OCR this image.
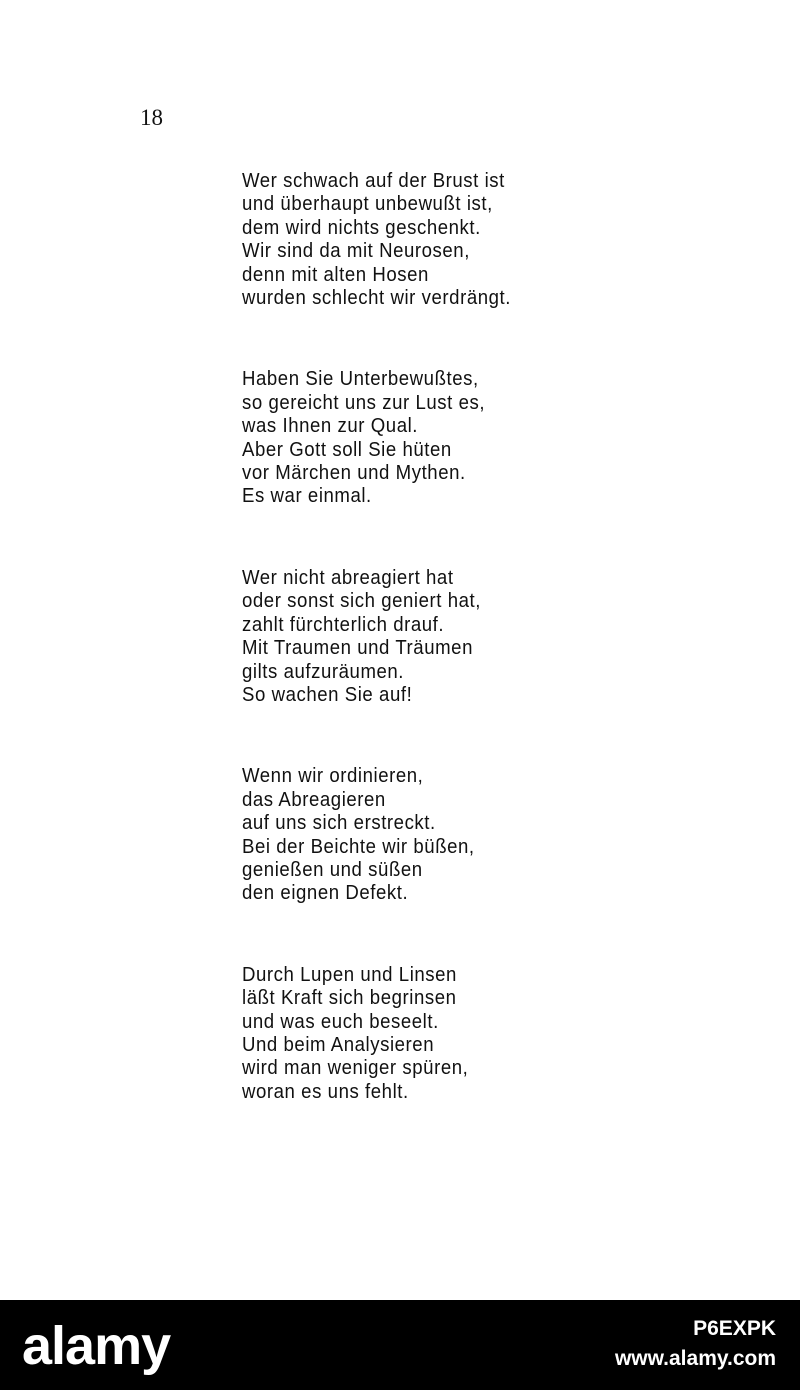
18
Wer schwach auf der Brust ist
und überhaupt unbewußt ist,
dem wird nichts geschenkt.
Wir sind da mit Neurosen,
denn mit alten Hosen
wurden schlecht wir verdrängt.
Haben Sie Unterbewußtes,
so gereicht uns zur Lust es,
was Ihnen zur Qual.
Aber Gott soll Sie hüten
vor Märchen und Mythen.
Es war einmal.
Wer nicht abreagiert hat
oder sonst sich geniert hat,
zahlt fürchterlich drauf.
Mit Traumen und Träumen
gilts aufzuräumen.
So wachen Sie auf!
Wenn wir ordinieren,
das Abreagieren
auf uns sich erstreckt.
Bei der Beichte wir büßen,
genießen und süßen
den eignen Defekt.
Durch Lupen und Linsen
läßt Kraft sich begrinsen
und was euch beseelt.
Und beim Analysieren
wird man weniger spüren,
woran es uns fehlt.
alamy	P6EXPK
www.alamy.com
